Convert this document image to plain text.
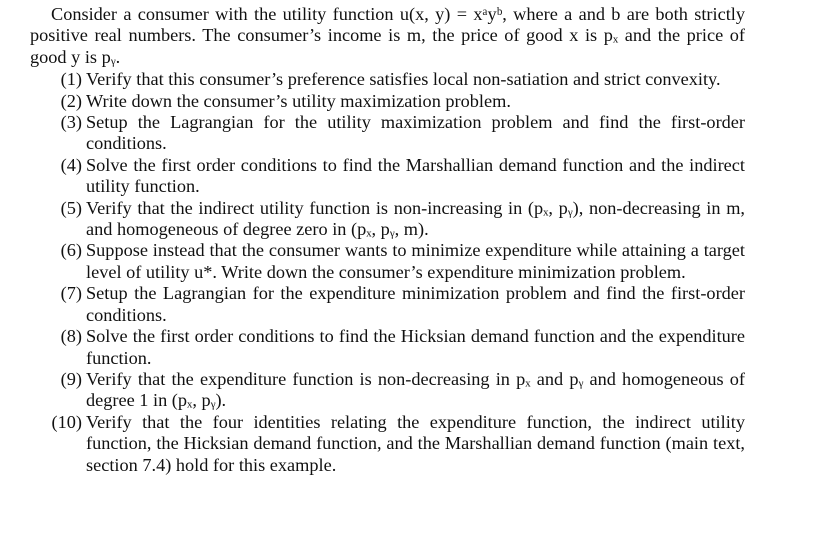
Consider a consumer with the utility function u(x, y) = xᵃyᵇ, where a and b are both strictly positive real numbers. The consumer’s income is m, the price of good x is pₓ and the price of good y is pᵧ.

(1) Verify that this consumer’s preference satisfies local non-satiation and strict convexity.
(2) Write down the consumer’s utility maximization problem.
(3) Setup the Lagrangian for the utility maximization problem and find the first-order conditions.
(4) Solve the first order conditions to find the Marshallian demand function and the indirect utility function.
(5) Verify that the indirect utility function is non-increasing in (pₓ, pᵧ), non-decreasing in m, and homogeneous of degree zero in (pₓ, pᵧ, m).
(6) Suppose instead that the consumer wants to minimize expenditure while attaining a target level of utility u*. Write down the consumer’s expenditure minimization problem.
(7) Setup the Lagrangian for the expenditure minimization problem and find the first-order conditions.
(8) Solve the first order conditions to find the Hicksian demand function and the expenditure function.
(9) Verify that the expenditure function is non-decreasing in pₓ and pᵧ and homogeneous of degree 1 in (pₓ, pᵧ).
(10) Verify that the four identities relating the expenditure function, the indirect utility function, the Hicksian demand function, and the Marshallian demand function (main text, section 7.4) hold for this example.
